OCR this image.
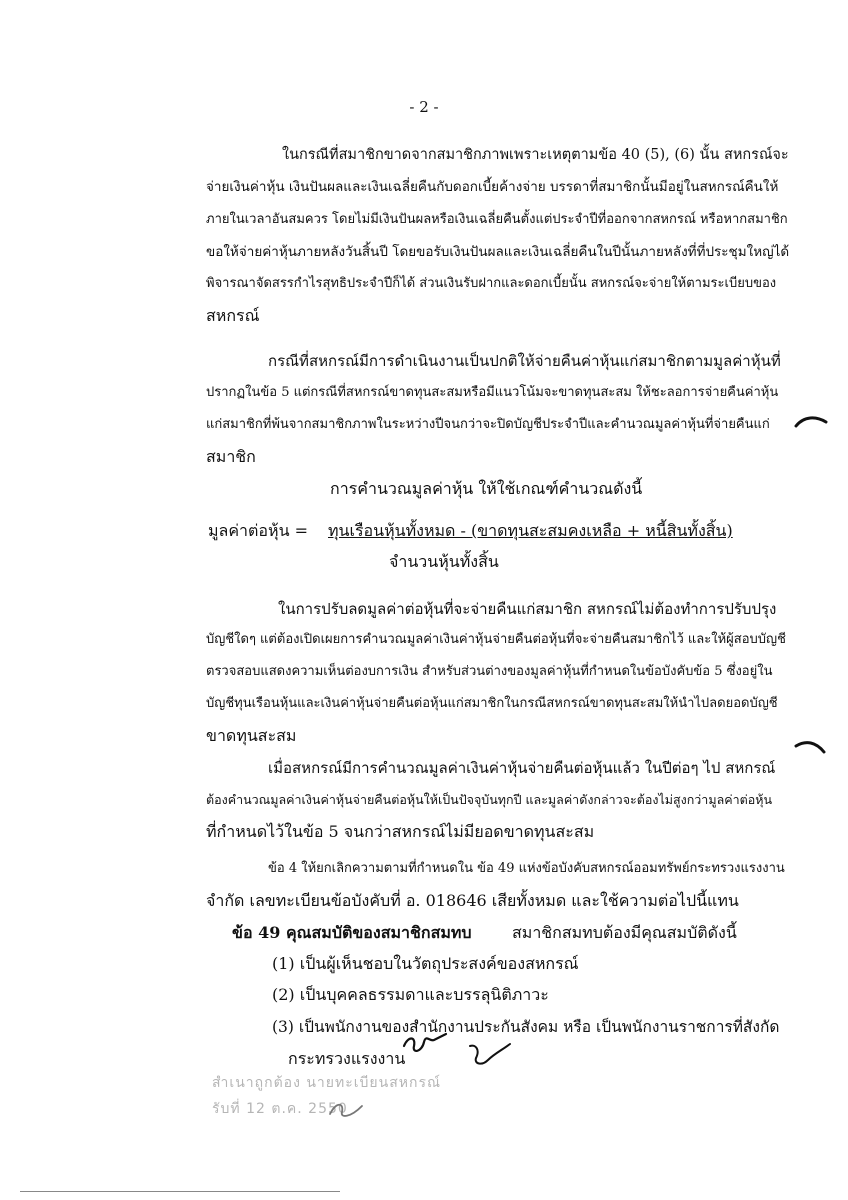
- 2 -
ในกรณีที่สมาชิกขาดจากสมาชิกภาพเพราะเหตุตามข้อ 40 (5), (6) นั้น สหกรณ์จะ
จ่ายเงินค่าหุ้น เงินปันผลและเงินเฉลี่ยคืนกับดอกเบี้ยค้างจ่าย บรรดาที่สมาชิกนั้นมีอยู่ในสหกรณ์คืนให้
ภายในเวลาอันสมควร โดยไม่มีเงินปันผลหรือเงินเฉลี่ยคืนตั้งแต่ประจำปีที่ออกจากสหกรณ์ หรือหากสมาชิก
ขอให้จ่ายค่าหุ้นภายหลังวันสิ้นปี โดยขอรับเงินปันผลและเงินเฉลี่ยคืนในปีนั้นภายหลังที่ที่ประชุมใหญ่ได้
พิจารณาจัดสรรกำไรสุทธิประจำปีก็ได้ ส่วนเงินรับฝากและดอกเบี้ยนั้น สหกรณ์จะจ่ายให้ตามระเบียบของ
สหกรณ์
กรณีที่สหกรณ์มีการดำเนินงานเป็นปกติให้จ่ายคืนค่าหุ้นแก่สมาชิกตามมูลค่าหุ้นที่
ปรากฏในข้อ 5 แต่กรณีที่สหกรณ์ขาดทุนสะสมหรือมีแนวโน้มจะขาดทุนสะสม ให้ชะลอการจ่ายคืนค่าหุ้น
แก่สมาชิกที่พ้นจากสมาชิกภาพในระหว่างปีจนกว่าจะปิดบัญชีประจำปีและคำนวณมูลค่าหุ้นที่จ่ายคืนแก่
สมาชิก
การคำนวณมูลค่าหุ้น ให้ใช้เกณฑ์คำนวณดังนี้
มูลค่าต่อหุ้น = ทุนเรือนหุ้นทั้งหมด - (ขาดทุนสะสมคงเหลือ + หนี้สินทั้งสิ้น)
จำนวนหุ้นทั้งสิ้น
ในการปรับลดมูลค่าต่อหุ้นที่จะจ่ายคืนแก่สมาชิก สหกรณ์ไม่ต้องทำการปรับปรุง
บัญชีใดๆ แต่ต้องเปิดเผยการคำนวณมูลค่าเงินค่าหุ้นจ่ายคืนต่อหุ้นที่จะจ่ายคืนสมาชิกไว้ และให้ผู้สอบบัญชี
ตรวจสอบแสดงความเห็นต่องบการเงิน สำหรับส่วนต่างของมูลค่าหุ้นที่กำหนดในข้อบังคับข้อ 5 ซึ่งอยู่ใน
บัญชีทุนเรือนหุ้นและเงินค่าหุ้นจ่ายคืนต่อหุ้นแก่สมาชิกในกรณีสหกรณ์ขาดทุนสะสมให้นำไปลดยอดบัญชี
ขาดทุนสะสม
เมื่อสหกรณ์มีการคำนวณมูลค่าเงินค่าหุ้นจ่ายคืนต่อหุ้นแล้ว ในปีต่อๆ ไป สหกรณ์
ต้องคำนวณมูลค่าเงินค่าหุ้นจ่ายคืนต่อหุ้นให้เป็นปัจจุบันทุกปี และมูลค่าดังกล่าวจะต้องไม่สูงกว่ามูลค่าต่อหุ้น
ที่กำหนดไว้ในข้อ 5 จนกว่าสหกรณ์ไม่มียอดขาดทุนสะสม
ข้อ 4 ให้ยกเลิกความตามที่กำหนดใน ข้อ 49 แห่งข้อบังคับสหกรณ์ออมทรัพย์กระทรวงแรงงาน
จำกัด เลขทะเบียนข้อบังคับที่ อ. 018646 เสียทั้งหมด และใช้ความต่อไปนี้แทน
ข้อ 49 คุณสมบัติของสมาชิกสมทบ	สมาชิกสมทบต้องมีคุณสมบัติดังนี้
(1) เป็นผู้เห็นชอบในวัตถุประสงค์ของสหกรณ์
(2) เป็นบุคคลธรรมดาและบรรลุนิติภาวะ
(3) เป็นพนักงานของสำนักงานประกันสังคม หรือ เป็นพนักงานราชการที่สังกัด
กระทรวงแรงงาน
สำเนาถูกต้อง นายทะเบียนสหกรณ์
รับที่ 12 ต.ค. 2550
